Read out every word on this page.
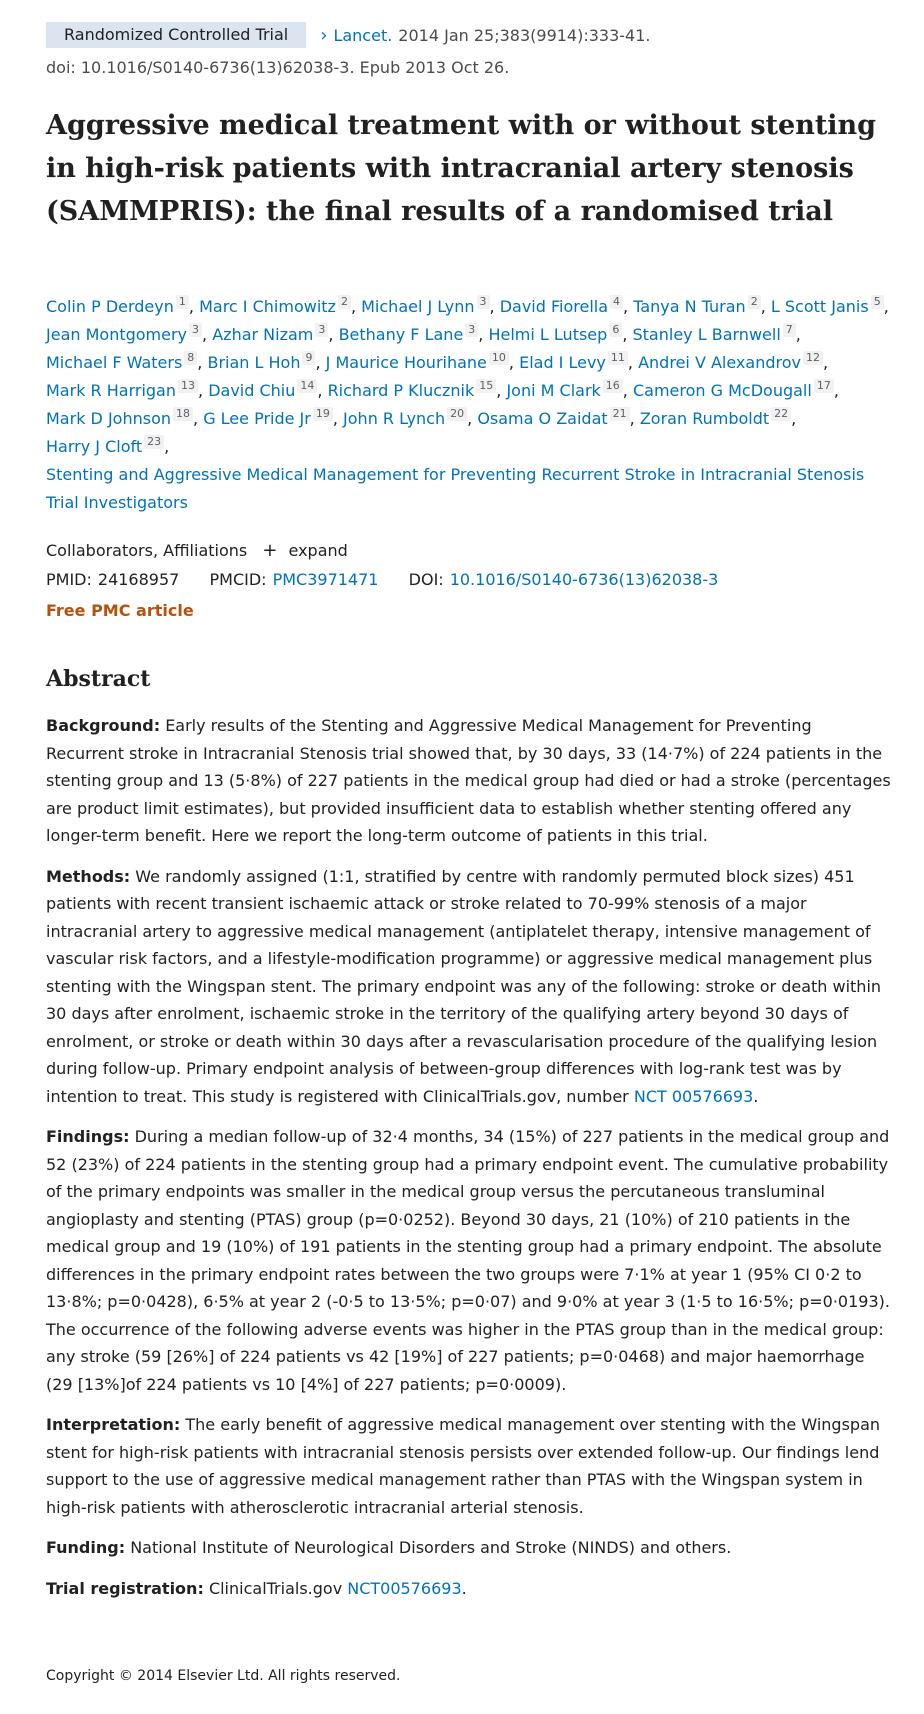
Randomized Controlled Trial	› Lancet. 2014 Jan 25;383(9914):333-41.
doi: 10.1016/S0140-6736(13)62038-3. Epub 2013 Oct 26.
Aggressive medical treatment with or without stenting in high-risk patients with intracranial artery stenosis (SAMMPRIS): the final results of a randomised trial
Colin P Derdeyn $^1$ , Marc I Chimowitz $^2$ , Michael J Lynn $^3$ , David Fiorella $^4$ , Tanya N Turan $^2$ , L Scott Janis $^5$ , Jean Montgomery $^3$ , Azhar Nizam $^3$ , Bethany F Lane $^3$ , Helmi L Lutsep $^6$ , Stanley L Barnwell $^7$ , Michael F Waters $^8$ , Brian L Hoh $^9$ , J Maurice Hourihane $^{10}$ , Elad I Levy $^{11}$ , Andrei V Alexandrov $^{12}$ , Mark R Harrigan $^{13}$ , David Chiu $^{14}$ , Richard P Klucznik $^{15}$ , Joni M Clark $^{16}$ , Cameron G McDougall $^{17}$ , Mark D Johnson $^{18}$ , G Lee Pride Jr $^{19}$ , John R Lynch $^{20}$ , Osama O Zaidat $^{21}$ , Zoran Rumboldt $^{22}$ , Harry J Cloft $^{23}$ ,
Stenting and Aggressive Medical Management for Preventing Recurrent Stroke in Intracranial Stenosis Trial Investigators
Collaborators, Affiliations + expand
PMID: 24168957 PMCID: PMC3971471 DOI: 10.1016/S0140-6736(13)62038-3
Free PMC article
Abstract

Background: Early results of the Stenting and Aggressive Medical Management for Preventing Recurrent stroke in Intracranial Stenosis trial showed that, by 30 days, 33 (14·7%) of 224 patients in the stenting group and 13 (5·8%) of 227 patients in the medical group had died or had a stroke (percentages are product limit estimates), but provided insufficient data to establish whether stenting offered any longer-term benefit. Here we report the long-term outcome of patients in this trial.

Methods: We randomly assigned (1:1, stratified by centre with randomly permuted block sizes) 451 patients with recent transient ischaemic attack or stroke related to 70-99% stenosis of a major intracranial artery to aggressive medical management (antiplatelet therapy, intensive management of vascular risk factors, and a lifestyle-modification programme) or aggressive medical management plus stenting with the Wingspan stent. The primary endpoint was any of the following: stroke or death within 30 days after enrolment, ischaemic stroke in the territory of the qualifying artery beyond 30 days of enrolment, or stroke or death within 30 days after a revascularisation procedure of the qualifying lesion during follow-up. Primary endpoint analysis of between-group differences with log-rank test was by intention to treat. This study is registered with ClinicalTrials.gov, number NCT 00576693.

Findings: During a median follow-up of 32·4 months, 34 (15%) of 227 patients in the medical group and 52 (23%) of 224 patients in the stenting group had a primary endpoint event. The cumulative probability of the primary endpoints was smaller in the medical group versus the percutaneous transluminal angioplasty and stenting (PTAS) group (p=0·0252). Beyond 30 days, 21 (10%) of 210 patients in the medical group and 19 (10%) of 191 patients in the stenting group had a primary endpoint. The absolute differences in the primary endpoint rates between the two groups were 7·1% at year 1 (95% CI 0·2 to 13·8%; p=0·0428), 6·5% at year 2 (-0·5 to 13·5%; p=0·07) and 9·0% at year 3 (1·5 to 16·5%; p=0·0193). The occurrence of the following adverse events was higher in the PTAS group than in the medical group: any stroke (59 [26%] of 224 patients vs 42 [19%] of 227 patients; p=0·0468) and major haemorrhage (29 [13%]of 224 patients vs 10 [4%] of 227 patients; p=0·0009).

Interpretation: The early benefit of aggressive medical management over stenting with the Wingspan stent for high-risk patients with intracranial stenosis persists over extended follow-up. Our findings lend support to the use of aggressive medical management rather than PTAS with the Wingspan system in high-risk patients with atherosclerotic intracranial arterial stenosis.

Funding: National Institute of Neurological Disorders and Stroke (NINDS) and others.

Trial registration: ClinicalTrials.gov NCT00576693.

Copyright © 2014 Elsevier Ltd. All rights reserved.
